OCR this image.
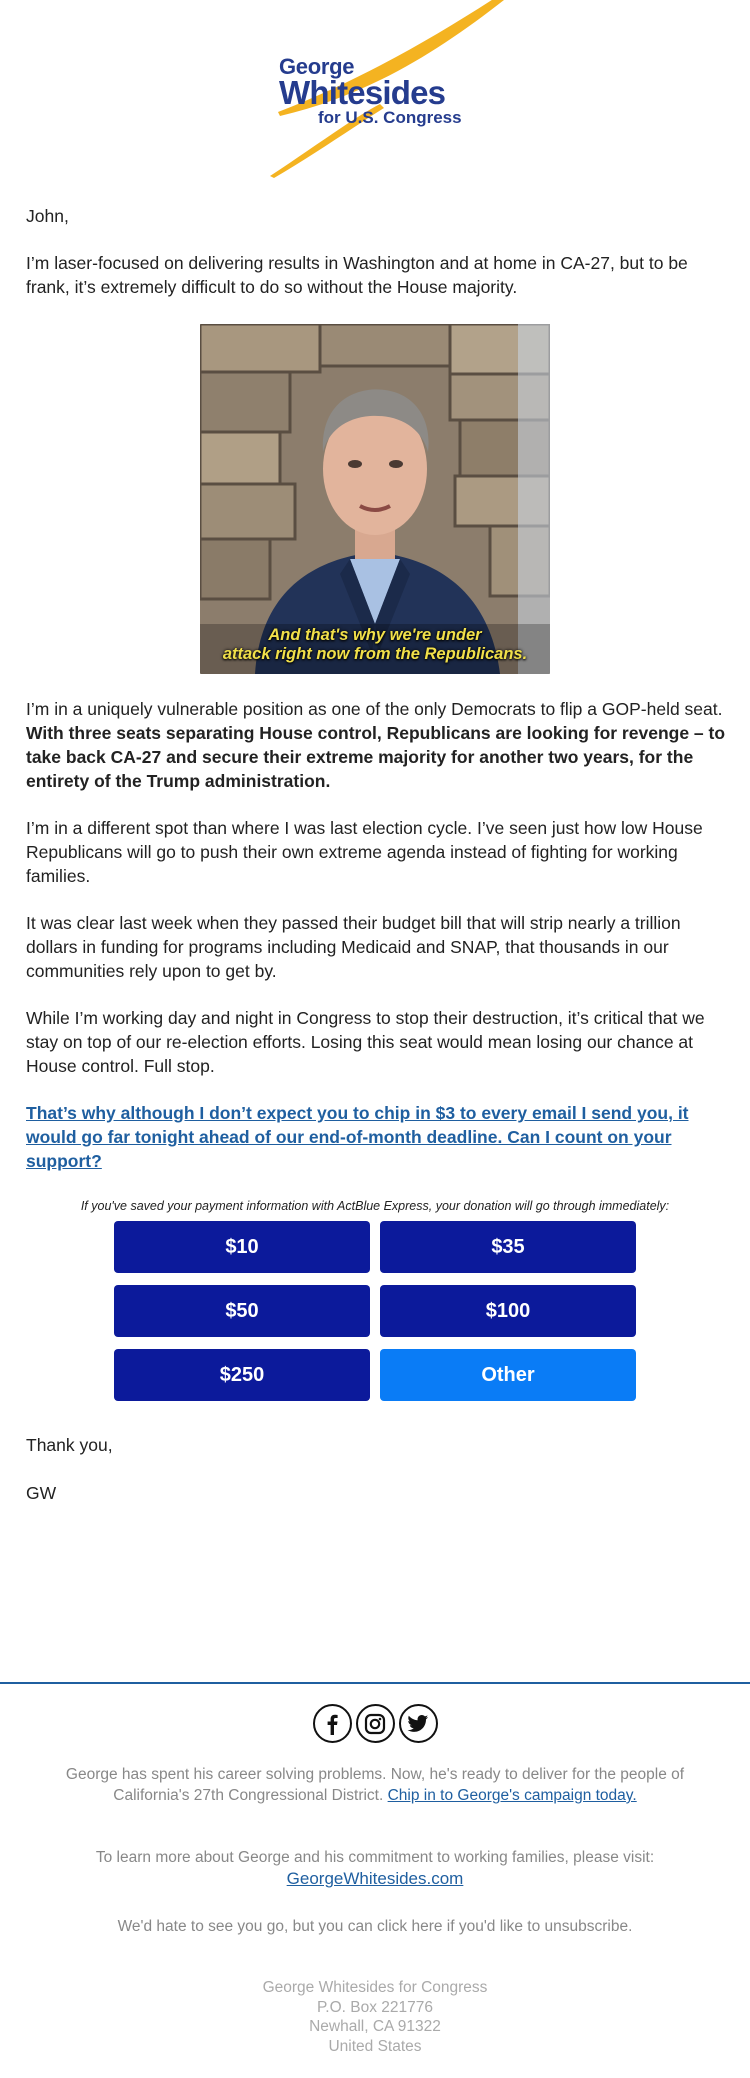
George
Whitesides
for U.S. Congress
John,
I’m laser-focused on delivering results in Washington and at home in CA-27, but to be frank, it’s extremely difficult to do so without the House majority.
And that's why we're under
attack right now from the Republicans.
I’m in a uniquely vulnerable position as one of the only Democrats to flip a GOP-held seat. With three seats separating House control, Republicans are looking for revenge – to take back CA-27 and secure their extreme majority for another two years, for the entirety of the Trump administration.
I’m in a different spot than where I was last election cycle. I’ve seen just how low House Republicans will go to push their own extreme agenda instead of fighting for working families.
It was clear last week when they passed their budget bill that will strip nearly a trillion dollars in funding for programs including Medicaid and SNAP, that thousands in our communities rely upon to get by.
While I’m working day and night in Congress to stop their destruction, it’s critical that we stay on top of our re-election efforts. Losing this seat would mean losing our chance at House control. Full stop.
That’s why although I don’t expect you to chip in $3 to every email I send you, it would go far tonight ahead of our end-of-month deadline. Can I count on your support?
If you've saved your payment information with ActBlue Express, your donation will go through immediately:
$10	$35
$50	$100
$250	Other
Thank you,
GW
George has spent his career solving problems. Now, he's ready to deliver for the people of California's 27th Congressional District. Chip in to George's campaign today.
To learn more about George and his commitment to working families, please visit:
GeorgeWhitesides.com
We'd hate to see you go, but you can click here if you'd like to unsubscribe.
George Whitesides for Congress
P.O. Box 221776
Newhall, CA 91322
United States
